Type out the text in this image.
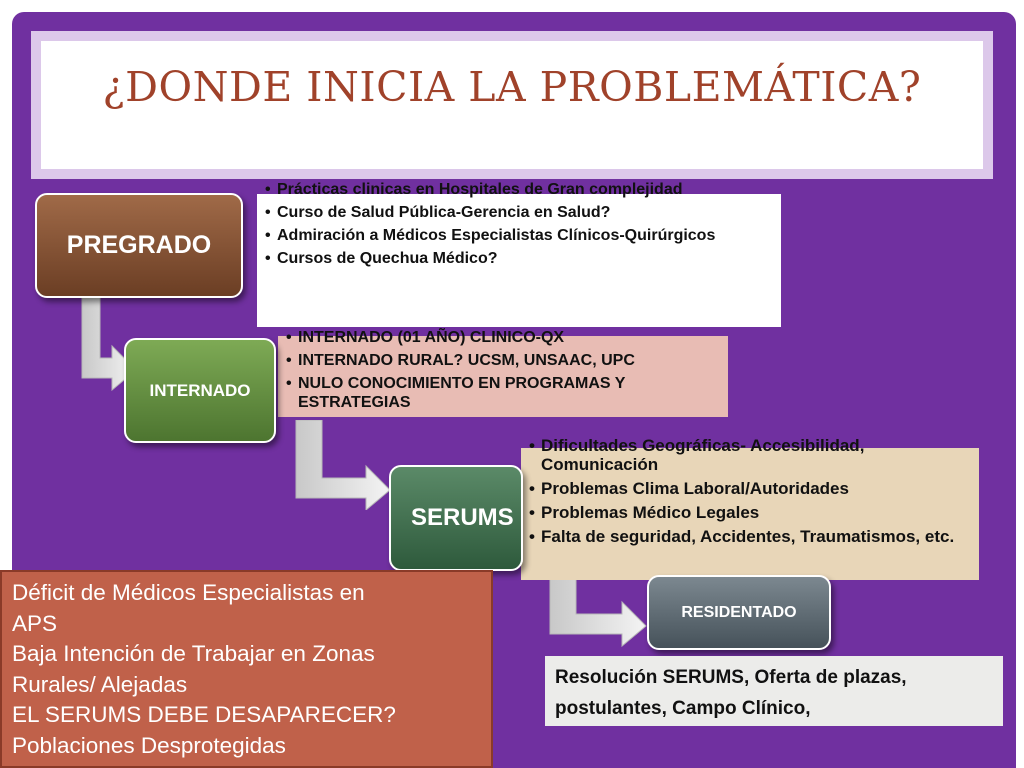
¿DONDE INICIA LA PROBLEMÁTICA?
• Prácticas clinicas en Hospitales de Gran complejidad
• Curso de Salud Pública-Gerencia en Salud?
• Admiración a Médicos Especialistas Clínicos-Quirúrgicos
• Cursos de Quechua Médico?
PREGRADO
• INTERNADO (01 AÑO) CLINICO-QX
• INTERNADO RURAL? UCSM, UNSAAC, UPC
• NULO CONOCIMIENTO EN PROGRAMAS Y ESTRATEGIAS
INTERNADO
• Dificultades Geográficas- Accesibilidad, Comunicación
• Problemas Clima Laboral/Autoridades
• Problemas Médico Legales
• Falta de seguridad, Accidentes, Traumatismos, etc.
SERUMS
RESIDENTADO
Resolución SERUMS, Oferta de plazas, postulantes, Campo Clínico,
Déficit de Médicos Especialistas en
APS
Baja Intención de Trabajar en Zonas
Rurales/ Alejadas
EL SERUMS DEBE DESAPARECER?
Poblaciones Desprotegidas
